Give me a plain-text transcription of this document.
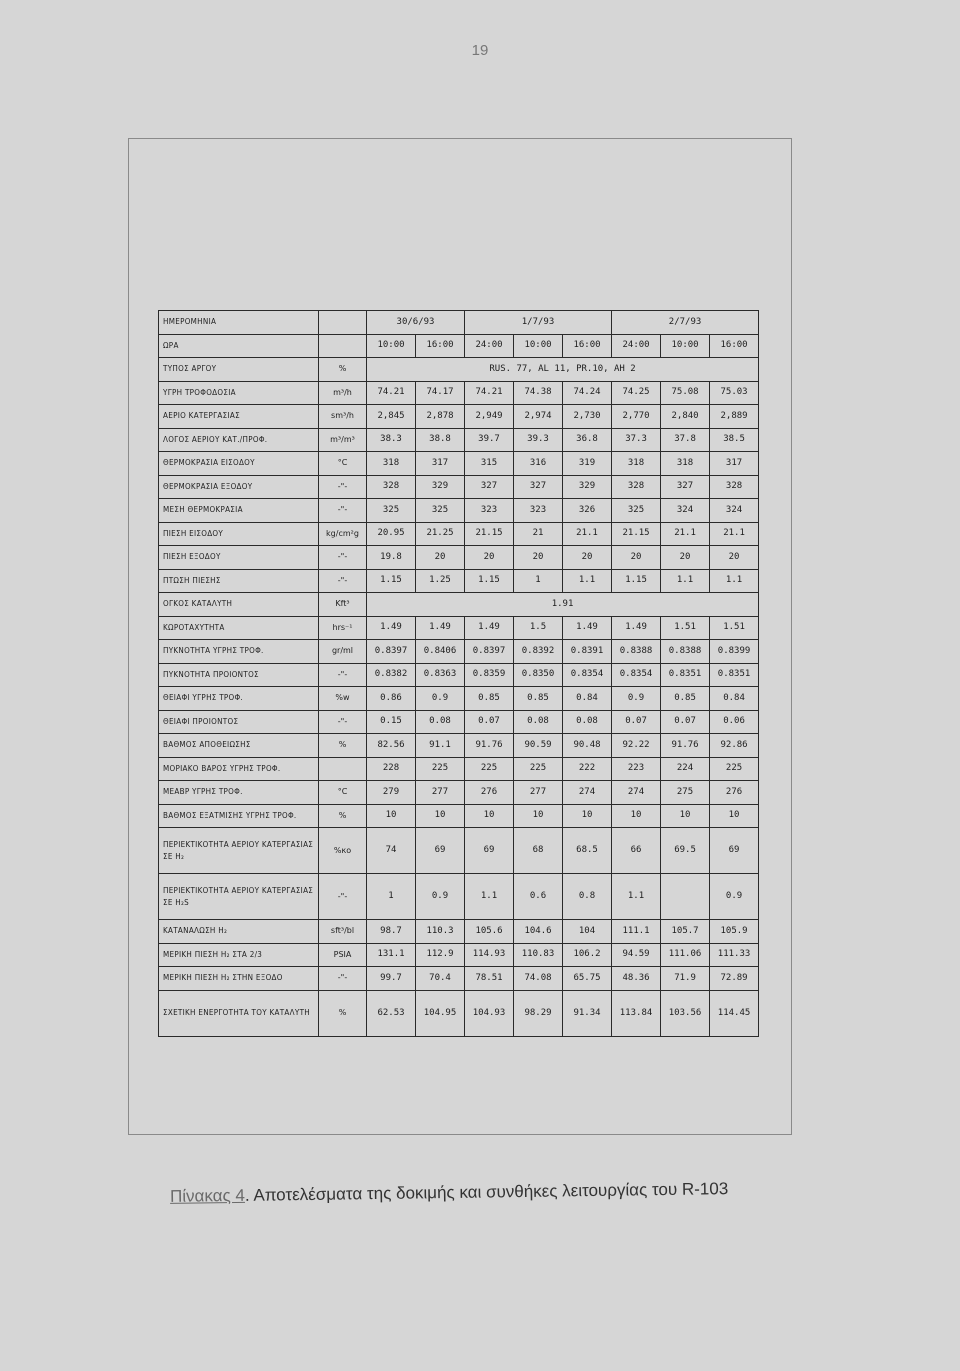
19
ΗΜΕΡΟΜΗΝΙΑ		30/6/93		1/7/93			2/7/93		
ΩΡΑ		10:00	16:00	24:00	10:00	16:00	24:00	10:00	16:00
ΤΥΠΟΣ ΑΡΓΟΥ	%	RUS. 77, AL 11, PR.10, AH 2							
ΥΓΡΗ ΤΡΟΦΟΔΟΣΙΑ	m³/h	74.21	74.17	74.21	74.38	74.24	74.25	75.08	75.03
ΑΕΡΙΟ ΚΑΤΕΡΓΑΣΙΑΣ	sm³/h	2,845	2,878	2,949	2,974	2,730	2,770	2,840	2,889
ΛΟΓΟΣ ΑΕΡΙΟΥ ΚΑΤ./ΠΡΟΦ.	m³/m³	38.3	38.8	39.7	39.3	36.8	37.3	37.8	38.5
ΘΕΡΜΟΚΡΑΣΙΑ ΕΙΣΟΔΟΥ	°C	318	317	315	316	319	318	318	317
ΘΕΡΜΟΚΡΑΣΙΑ ΕΞΟΔΟΥ	-"-	328	329	327	327	329	328	327	328
ΜΕΣΗ ΘΕΡΜΟΚΡΑΣΙΑ	-"-	325	325	323	323	326	325	324	324
ΠΙΕΣΗ ΕΙΣΟΔΟΥ	kg/cm²g	20.95	21.25	21.15	21	21.1	21.15	21.1	21.1
ΠΙΕΣΗ ΕΞΟΔΟΥ	-"-	19.8	20	20	20	20	20	20	20
ΠΤΩΣΗ ΠΙΕΣΗΣ	-"-	1.15	1.25	1.15	1	1.1	1.15	1.1	1.1
ΟΓΚΟΣ ΚΑΤΑΛΥΤΗ	Kft³	1.91							
ΚΩΡΟΤΑΧΥΤΗΤΑ	hrs⁻¹	1.49	1.49	1.49	1.5	1.49	1.49	1.51	1.51
ΠΥΚΝΟΤΗΤΑ ΥΓΡΗΣ ΤΡΟΦ.	gr/ml	0.8397	0.8406	0.8397	0.8392	0.8391	0.8388	0.8388	0.8399
ΠΥΚΝΟΤΗΤΑ ΠΡΟΙΟΝΤΟΣ	-"-	0.8382	0.8363	0.8359	0.8350	0.8354	0.8354	0.8351	0.8351
ΘΕΙΑΦΙ ΥΓΡΗΣ ΤΡΟΦ.	%w	0.86	0.9	0.85	0.85	0.84	0.9	0.85	0.84
ΘΕΙΑΦΙ ΠΡΟΙΟΝΤΟΣ	-"-	0.15	0.08	0.07	0.08	0.08	0.07	0.07	0.06
ΒΑΘΜΟΣ ΑΠΟΘΕΙΩΣΗΣ	%	82.56	91.1	91.76	90.59	90.48	92.22	91.76	92.86
ΜΟΡΙΑΚΟ ΒΑΡΟΣ ΥΓΡΗΣ ΤΡΟΦ.		228	225	225	225	222	223	224	225
ΜΕΑΒΡ ΥΓΡΗΣ ΤΡΟΦ.	°C	279	277	276	277	274	274	275	276
ΒΑΘΜΟΣ ΕΞΑΤΜΙΣΗΣ ΥΓΡΗΣ ΤΡΟΦ.	%	10	10	10	10	10	10	10	10
ΠΕΡΙΕΚΤΙΚΟΤΗΤΑ ΑΕΡΙΟΥ ΚΑΤΕΡΓΑΣΙΑΣ ΣΕ H₂	%κο	74	69	69	68	68.5	66	69.5	69
ΠΕΡΙΕΚΤΙΚΟΤΗΤΑ ΑΕΡΙΟΥ ΚΑΤΕΡΓΑΣΙΑΣ ΣΕ H₂S	-"-	1	0.9	1.1	0.6	0.8	1.1		0.9
ΚΑΤΑΝΑΛΩΣΗ H₂	sft³/bl	98.7	110.3	105.6	104.6	104	111.1	105.7	105.9
ΜΕΡΙΚΗ ΠΙΕΣΗ H₂ ΣΤΑ 2/3	PSIA	131.1	112.9	114.93	110.83	106.2	94.59	111.06	111.33
ΜΕΡΙΚΗ ΠΙΕΣΗ H₂ ΣΤΗΝ ΕΞΟΔΟ	-"-	99.7	70.4	78.51	74.08	65.75	48.36	71.9	72.89
ΣΧΕΤΙΚΗ ΕΝΕΡΓΟΤΗΤΑ ΤΟΥ ΚΑΤΑΛΥΤΗ	%	62.53	104.95	104.93	98.29	91.34	113.84	103.56	114.45
Πίνακας 4. Αποτελέσματα της δοκιμής και συνθήκες λειτουργίας του R-103
